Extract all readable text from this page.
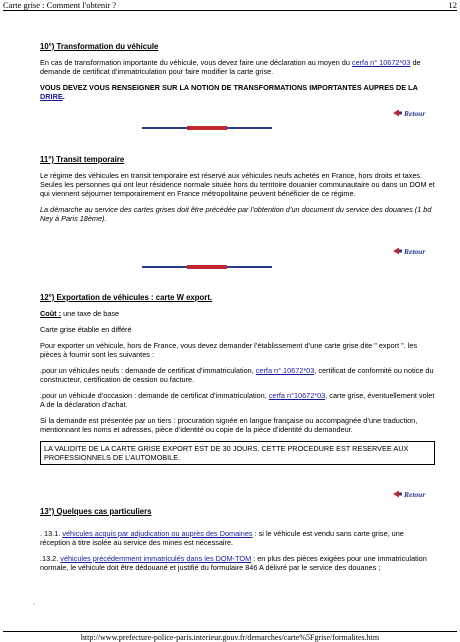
Carte grise : Comment l'obtenir ?	12

10°) Transformation du véhicule

En cas de transformation importante du véhicule, vous devez faire une déclaration au moyen du cerfa n° 10672*03 de demande de certificat d’immatriculation pour faire modifier la carte grise.

VOUS DEVEZ VOUS RENSEIGNER SUR LA NOTION DE TRANSFORMATIONS IMPORTANTES AUPRES DE LA DRIRE.

Retour

11°) Transit temporaire

Le régime des véhicules en transit temporaire est réservé aux véhicules neufs achetés en France, hors droits et taxes. Seules les personnes qui ont leur résidence normale située hors du territoire douanier communautaire ou dans un DOM et qui viennent séjourner temporairement en France métropolitaine peuvent bénéficier de ce régime.

La démarche au service des cartes grises doit être précédée par l’obtention d’un document du service des douanes (1 bd Ney à Paris 18ème).

Retour

12°) Exportation de véhicules : carte W export.

Coût : une taxe de base

Carte grise établie en différé

Pour exporter un véhicule, hors de France, vous devez demander l’établissement d’une carte grise dite " export ". les pièces à fournir sont les suivantes :

.pour un véhicules neufs : demande de certificat d’immatriculation, cerfa n° 10672*03, certificat de conformité ou notice du constructeur, certification de cession ou facture.

.pour un véhicule d’occasion : demande de certificat d’immatriculation, cerfa n°10672*03, carte grise, éventuellement volet A de la déclaration d’achat.

Si la demande est présentée par un tiers : procuration signée en langue française ou accompagnée d’une traduction, mentionnant les noms et adresses, pièce d’identité ou copie de la pièce d’identité du demandeur.

LA VALIDITE DE LA CARTE GRISE EXPORT EST DE 30 JOURS. CETTE PROCEDURE EST RESERVEE AUX PROFESSIONNELS DE L’AUTOMOBILE.
Retour

13°) Quelques cas particuliers

. 13.1. véhicules acquis par adjudication ou auprès des Domaines : si le véhicule est vendu sans carte grise, une réception à titre isolée au service des mines est nécessaire.

.13.2. véhicules précédemment immatriculés dans les DOM-TOM : en plus des pièces exigées pour une immatriculation normale, le véhicule doit être dédouané et justifié du formulaire 846 A délivré par le service des douanes ;

◦
http://www.prefecture-police-paris.interieur.gouv.fr/demarches/carte%5Fgrise/formalites.htm
